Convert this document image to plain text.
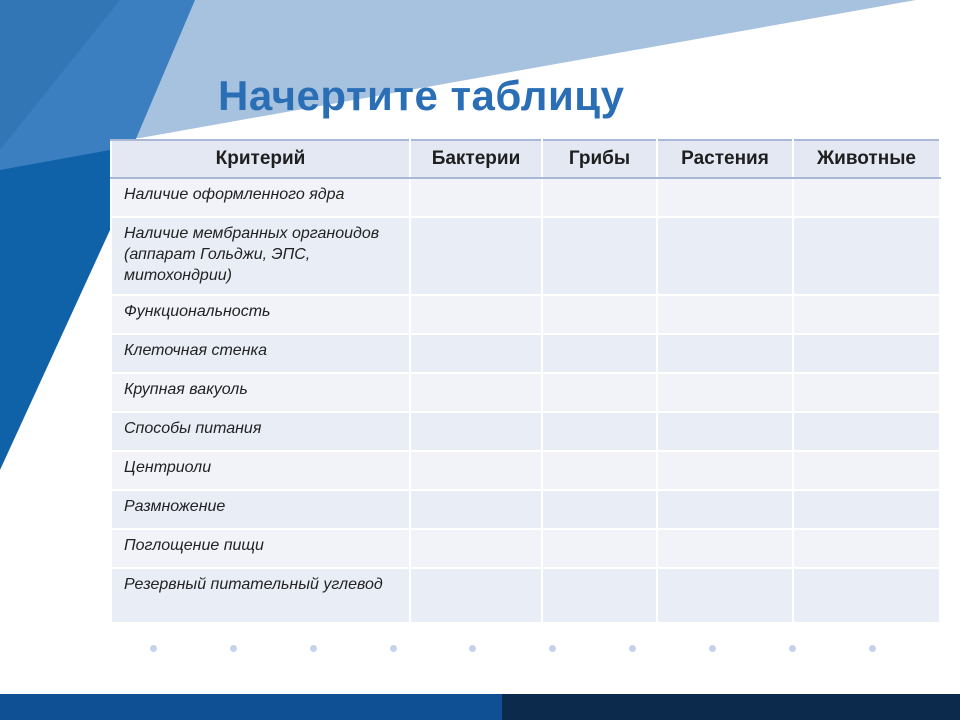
Начертите таблицу
Критерий	Бактерии	Грибы	Растения	Животные
Наличие оформленного ядра				
Наличие мембранных органоидов (аппарат Гольджи, ЭПС, митохондрии)				
Функциональность				
Клеточная стенка				
Крупная вакуоль				
Способы питания				
Центриоли				
Размножение				
Поглощение пищи				
Резервный питательный углевод				
